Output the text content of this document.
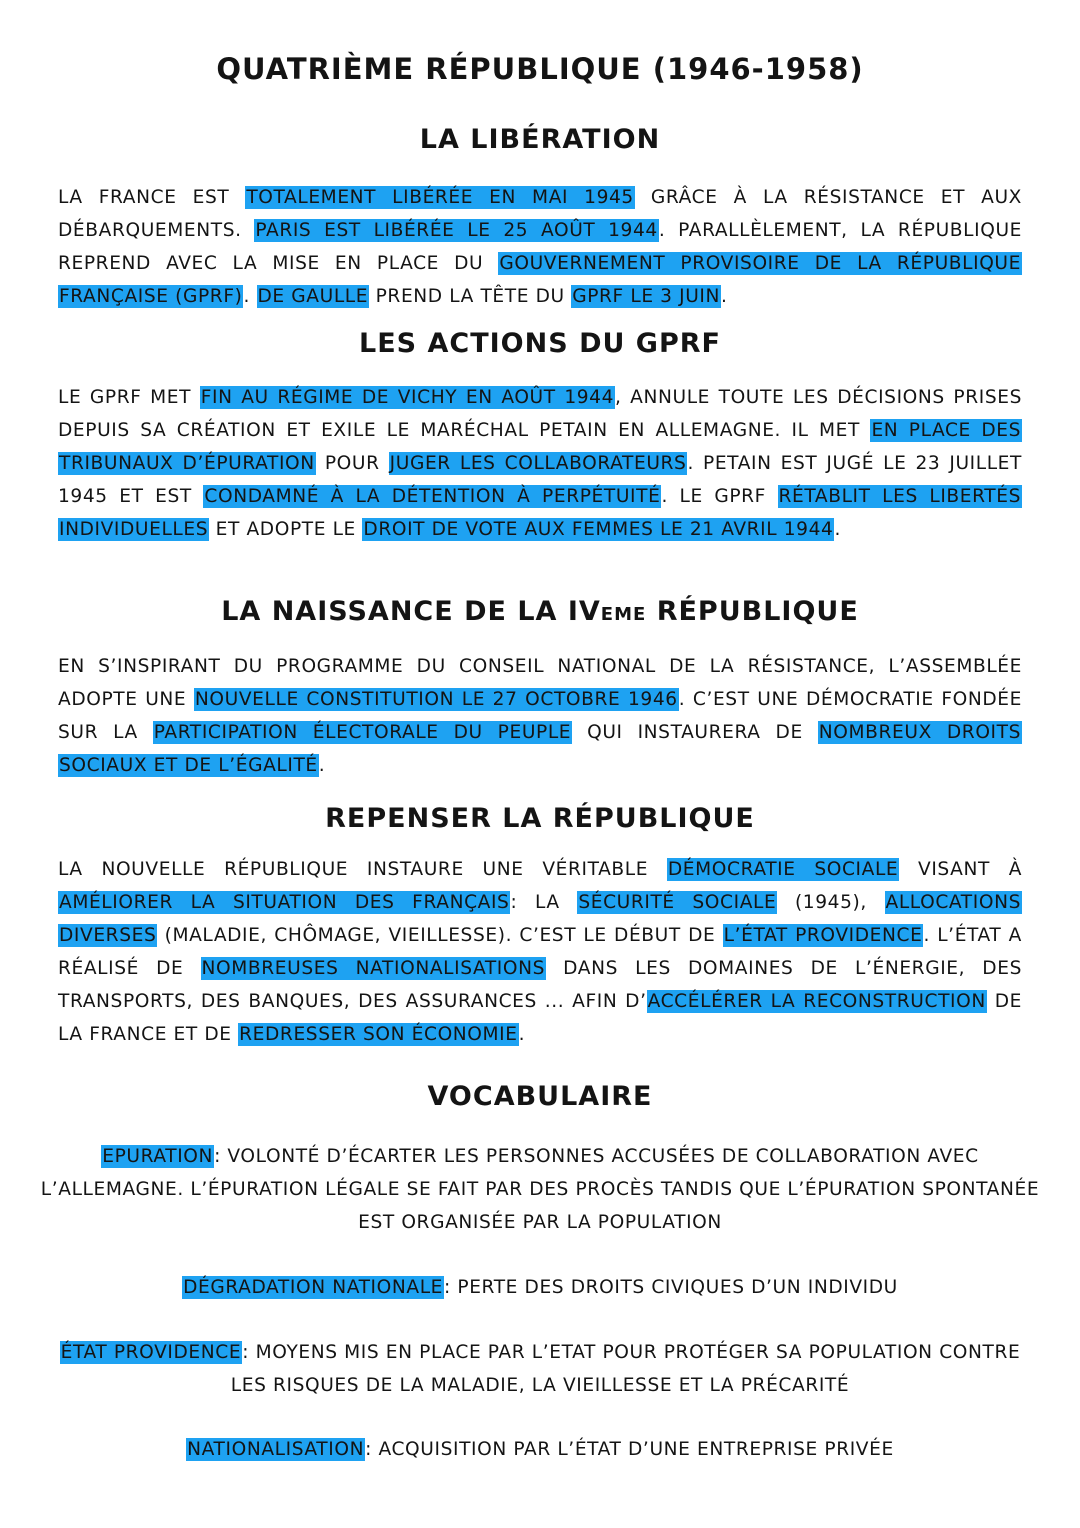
QUATRIÈME RÉPUBLIQUE (1946-1958)
LA LIBÉRATION

LA FRANCE EST TOTALEMENT LIBÉRÉE EN MAI 1945 GRÂCE À LA RÉSISTANCE ET AUX DÉBARQUEMENTS. PARIS EST LIBÉRÉE LE 25 AOÛT 1944. PARALLÈLEMENT, LA RÉPUBLIQUE REPREND AVEC LA MISE EN PLACE DU GOUVERNEMENT PROVISOIRE DE LA RÉPUBLIQUE FRANÇAISE (GPRF). DE GAULLE PREND LA TÊTE DU GPRF LE 3 JUIN.

LES ACTIONS DU GPRF

LE GPRF MET FIN AU RÉGIME DE VICHY EN AOÛT 1944, ANNULE TOUTE LES DÉCISIONS PRISES DEPUIS SA CRÉATION ET EXILE LE MARÉCHAL PETAIN EN ALLEMAGNE. IL MET EN PLACE DES TRIBUNAUX D’ÉPURATION POUR JUGER LES COLLABORATEURS. PETAIN EST JUGÉ LE 23 JUILLET 1945 ET EST CONDAMNÉ À LA DÉTENTION À PERPÉTUITÉ. LE GPRF RÉTABLIT LES LIBERTÉS INDIVIDUELLES ET ADOPTE LE DROIT DE VOTE AUX FEMMES LE 21 AVRIL 1944.

LA NAISSANCE DE LA IVEME RÉPUBLIQUE

EN S’INSPIRANT DU PROGRAMME DU CONSEIL NATIONAL DE LA RÉSISTANCE, L’ASSEMBLÉE ADOPTE UNE NOUVELLE CONSTITUTION LE 27 OCTOBRE 1946. C’EST UNE DÉMOCRATIE FONDÉE SUR LA PARTICIPATION ÉLECTORALE DU PEUPLE QUI INSTAURERA DE NOMBREUX DROITS SOCIAUX ET DE L’ÉGALITÉ.

REPENSER LA RÉPUBLIQUE

LA NOUVELLE RÉPUBLIQUE INSTAURE UNE VÉRITABLE DÉMOCRATIE SOCIALE VISANT À AMÉLIORER LA SITUATION DES FRANÇAIS: LA SÉCURITÉ SOCIALE (1945), ALLOCATIONS DIVERSES (MALADIE, CHÔMAGE, VIEILLESSE). C’EST LE DÉBUT DE L’ÉTAT PROVIDENCE. L’ÉTAT A RÉALISÉ DE NOMBREUSES NATIONALISATIONS DANS LES DOMAINES DE L’ÉNERGIE, DES TRANSPORTS, DES BANQUES, DES ASSURANCES ... AFIN D’ACCÉLÉRER LA RECONSTRUCTION DE LA FRANCE ET DE REDRESSER SON ÉCONOMIE.

VOCABULAIRE

EPURATION: VOLONTÉ D’ÉCARTER LES PERSONNES ACCUSÉES DE COLLABORATION AVEC L’ALLEMAGNE. L’ÉPURATION LÉGALE SE FAIT PAR DES PROCÈS TANDIS QUE L’ÉPURATION SPONTANÉE EST ORGANISÉE PAR LA POPULATION

DÉGRADATION NATIONALE: PERTE DES DROITS CIVIQUES D’UN INDIVIDU

ÉTAT PROVIDENCE: MOYENS MIS EN PLACE PAR L’ETAT POUR PROTÉGER SA POPULATION CONTRE LES RISQUES DE LA MALADIE, LA VIEILLESSE ET LA PRÉCARITÉ

NATIONALISATION: ACQUISITION PAR L’ÉTAT D’UNE ENTREPRISE PRIVÉE
